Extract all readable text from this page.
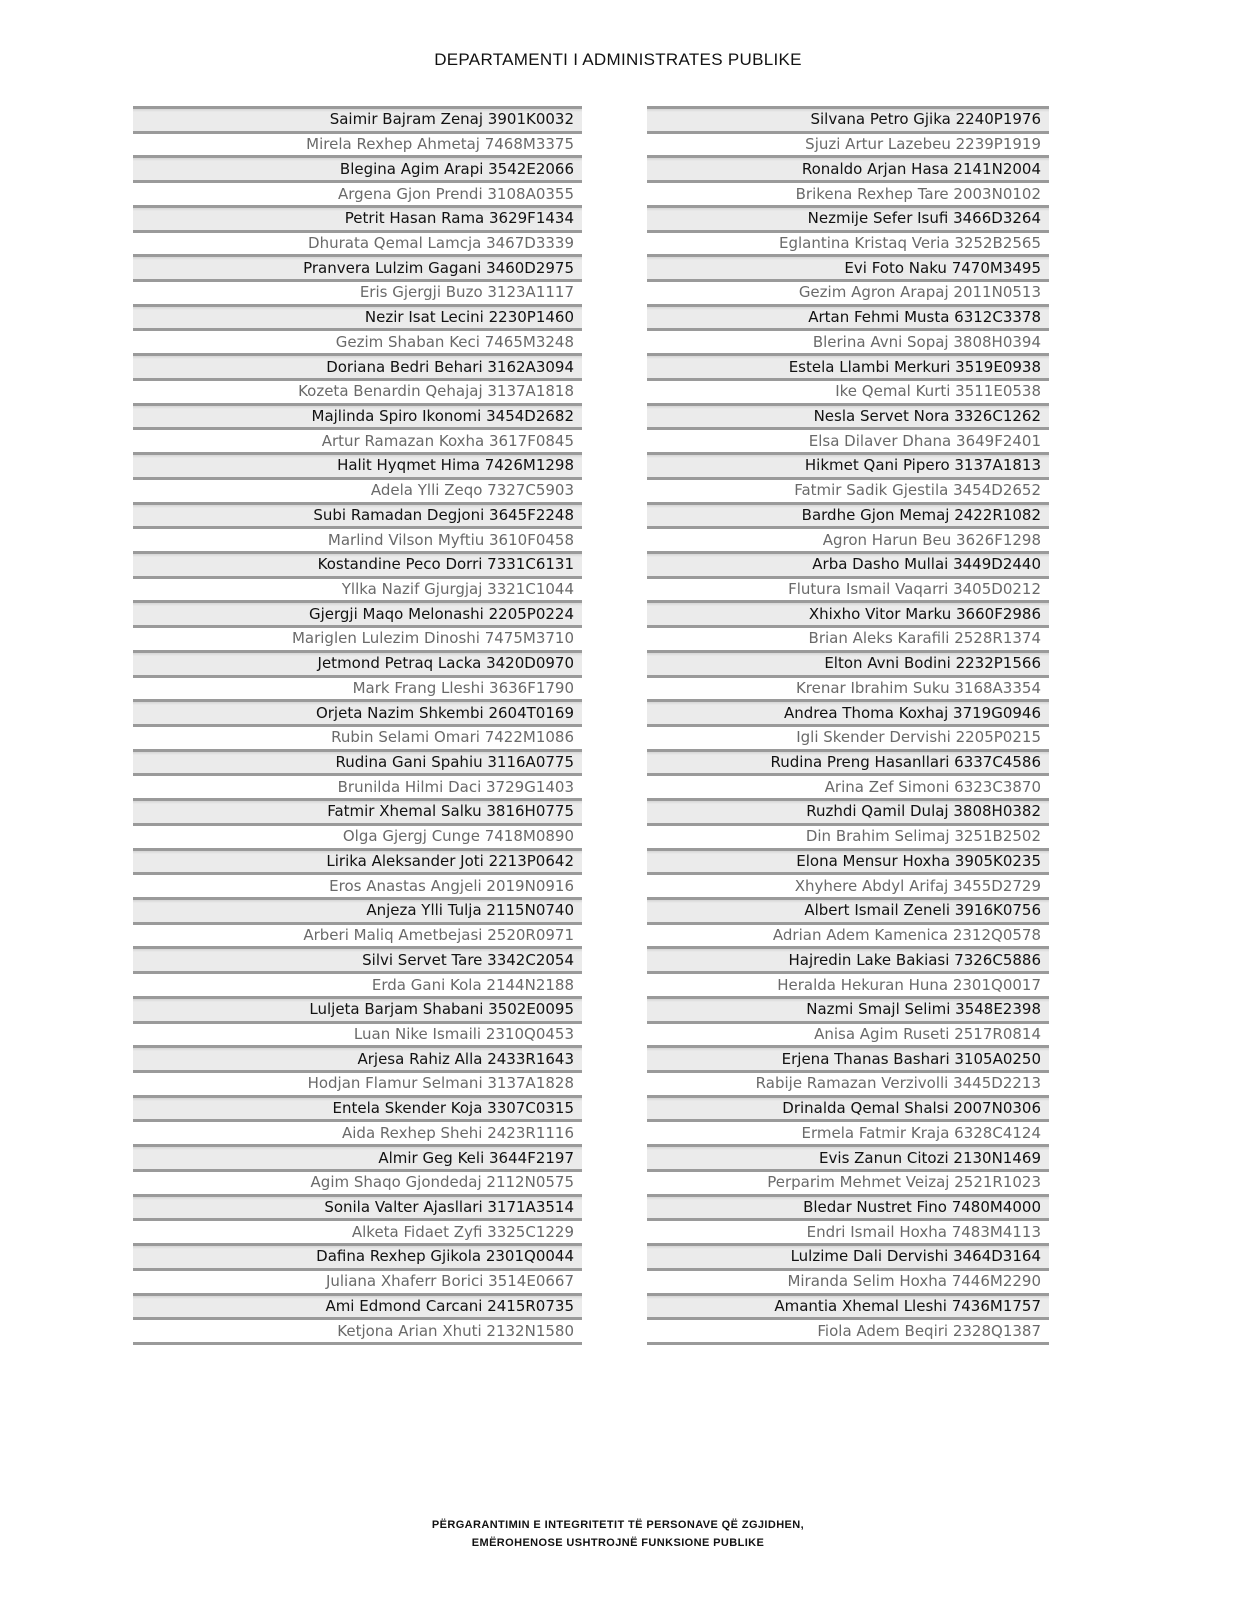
DEPARTAMENTI I ADMINISTRATES PUBLIKE
Saimir Bajram Zenaj 3901K0032
Mirela Rexhep Ahmetaj 7468M3375
Blegina Agim Arapi 3542E2066
Argena Gjon Prendi 3108A0355
Petrit Hasan Rama 3629F1434
Dhurata Qemal Lamcja 3467D3339
Pranvera Lulzim Gagani 3460D2975
Eris Gjergji Buzo 3123A1117
Nezir Isat Lecini 2230P1460
Gezim Shaban Keci 7465M3248
Doriana Bedri Behari 3162A3094
Kozeta Benardin Qehajaj 3137A1818
Majlinda Spiro Ikonomi 3454D2682
Artur Ramazan Koxha 3617F0845
Halit Hyqmet Hima 7426M1298
Adela Ylli Zeqo 7327C5903
Subi Ramadan Degjoni 3645F2248
Marlind Vilson Myftiu 3610F0458
Kostandine Peco Dorri 7331C6131
Yllka Nazif Gjurgjaj 3321C1044
Gjergji Maqo Melonashi 2205P0224
Mariglen Lulezim Dinoshi 7475M3710
Jetmond Petraq Lacka 3420D0970
Mark Frang Lleshi 3636F1790
Orjeta Nazim Shkembi 2604T0169
Rubin Selami Omari 7422M1086
Rudina Gani Spahiu 3116A0775
Brunilda Hilmi Daci 3729G1403
Fatmir Xhemal Salku 3816H0775
Olga Gjergj Cunge 7418M0890
Lirika Aleksander Joti 2213P0642
Eros Anastas Angjeli 2019N0916
Anjeza Ylli Tulja 2115N0740
Arberi Maliq Ametbejasi 2520R0971
Silvi Servet Tare 3342C2054
Erda Gani Kola 2144N2188
Luljeta Barjam Shabani 3502E0095
Luan Nike Ismaili 2310Q0453
Arjesa Rahiz Alla 2433R1643
Hodjan Flamur Selmani 3137A1828
Entela Skender Koja 3307C0315
Aida Rexhep Shehi 2423R1116
Almir Geg Keli 3644F2197
Agim Shaqo Gjondedaj 2112N0575
Sonila Valter Ajasllari 3171A3514
Alketa Fidaet Zyfi 3325C1229
Dafina Rexhep Gjikola 2301Q0044
Juliana Xhaferr Borici 3514E0667
Ami Edmond Carcani 2415R0735
Ketjona Arian Xhuti 2132N1580
Silvana Petro Gjika 2240P1976
Sjuzi Artur Lazebeu 2239P1919
Ronaldo Arjan Hasa 2141N2004
Brikena Rexhep Tare 2003N0102
Nezmije Sefer Isufi 3466D3264
Eglantina Kristaq Veria 3252B2565
Evi Foto Naku 7470M3495
Gezim Agron Arapaj 2011N0513
Artan Fehmi Musta 6312C3378
Blerina Avni Sopaj 3808H0394
Estela Llambi Merkuri 3519E0938
Ike Qemal Kurti 3511E0538
Nesla Servet Nora 3326C1262
Elsa Dilaver Dhana 3649F2401
Hikmet Qani Pipero 3137A1813
Fatmir Sadik Gjestila 3454D2652
Bardhe Gjon Memaj 2422R1082
Agron Harun Beu 3626F1298
Arba Dasho Mullai 3449D2440
Flutura Ismail Vaqarri 3405D0212
Xhixho Vitor Marku 3660F2986
Brian Aleks Karafili 2528R1374
Elton Avni Bodini 2232P1566
Krenar Ibrahim Suku 3168A3354
Andrea Thoma Koxhaj 3719G0946
Igli Skender Dervishi 2205P0215
Rudina Preng Hasanllari 6337C4586
Arina Zef Simoni 6323C3870
Ruzhdi Qamil Dulaj 3808H0382
Din Brahim Selimaj 3251B2502
Elona Mensur Hoxha 3905K0235
Xhyhere Abdyl Arifaj 3455D2729
Albert Ismail Zeneli 3916K0756
Adrian Adem Kamenica 2312Q0578
Hajredin Lake Bakiasi 7326C5886
Heralda Hekuran Huna 2301Q0017
Nazmi Smajl Selimi 3548E2398
Anisa Agim Ruseti 2517R0814
Erjena Thanas Bashari 3105A0250
Rabije Ramazan Verzivolli 3445D2213
Drinalda Qemal Shalsi 2007N0306
Ermela Fatmir Kraja 6328C4124
Evis Zanun Citozi 2130N1469
Perparim Mehmet Veizaj 2521R1023
Bledar Nustret Fino 7480M4000
Endri Ismail Hoxha 7483M4113
Lulzime Dali Dervishi 3464D3164
Miranda Selim Hoxha 7446M2290
Amantia Xhemal Lleshi 7436M1757
Fiola Adem Beqiri 2328Q1387
PËRGARANTIMIN E INTEGRITETIT TË PERSONAVE QË ZGJIDHEN,
EMËROHENOSE USHTROJNË FUNKSIONE PUBLIKE
